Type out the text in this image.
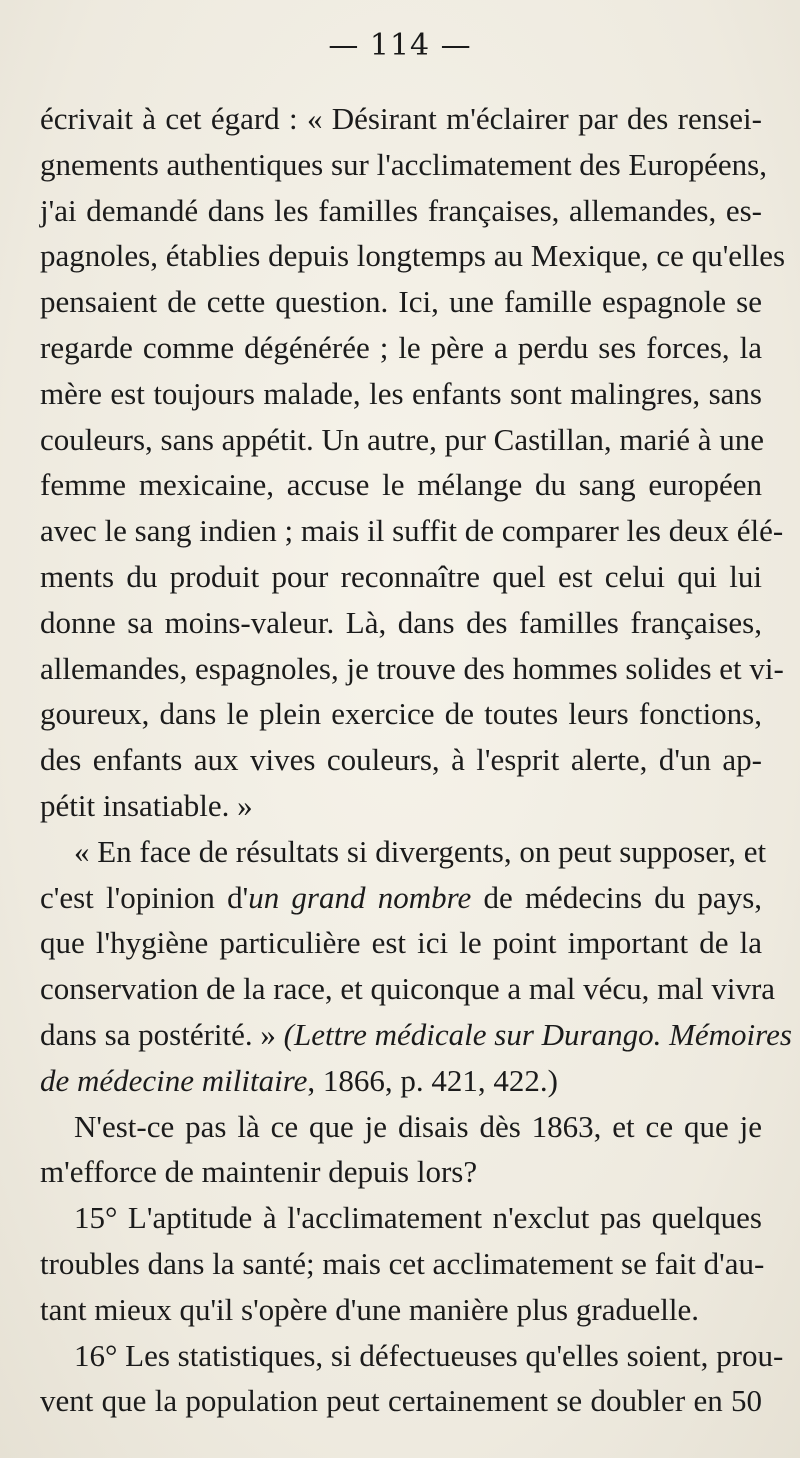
— 114 —
écrivait à cet égard : « Désirant m'éclairer par des rensei-
gnements authentiques sur l'acclimatement des Européens,
j'ai demandé dans les familles françaises, allemandes, es-
pagnoles, établies depuis longtemps au Mexique, ce qu'elles
pensaient de cette question. Ici, une famille espagnole se
regarde comme dégénérée ; le père a perdu ses forces, la
mère est toujours malade, les enfants sont malingres, sans
couleurs, sans appétit. Un autre, pur Castillan, marié à une
femme mexicaine, accuse le mélange du sang européen
avec le sang indien ; mais il suffit de comparer les deux élé-
ments du produit pour reconnaître quel est celui qui lui
donne sa moins-valeur. Là, dans des familles françaises,
allemandes, espagnoles, je trouve des hommes solides et vi-
goureux, dans le plein exercice de toutes leurs fonctions,
des enfants aux vives couleurs, à l'esprit alerte, d'un ap-
pétit insatiable. »
« En face de résultats si divergents, on peut supposer, et
c'est l'opinion d'un grand nombre de médecins du pays,
que l'hygiène particulière est ici le point important de la
conservation de la race, et quiconque a mal vécu, mal vivra
dans sa postérité. » (Lettre médicale sur Durango. Mémoires
de médecine militaire, 1866, p. 421, 422.)
N'est-ce pas là ce que je disais dès 1863, et ce que je
m'efforce de maintenir depuis lors?
15° L'aptitude à l'acclimatement n'exclut pas quelques
troubles dans la santé; mais cet acclimatement se fait d'au-
tant mieux qu'il s'opère d'une manière plus graduelle.
16° Les statistiques, si défectueuses qu'elles soient, prou-
vent que la population peut certainement se doubler en 50
